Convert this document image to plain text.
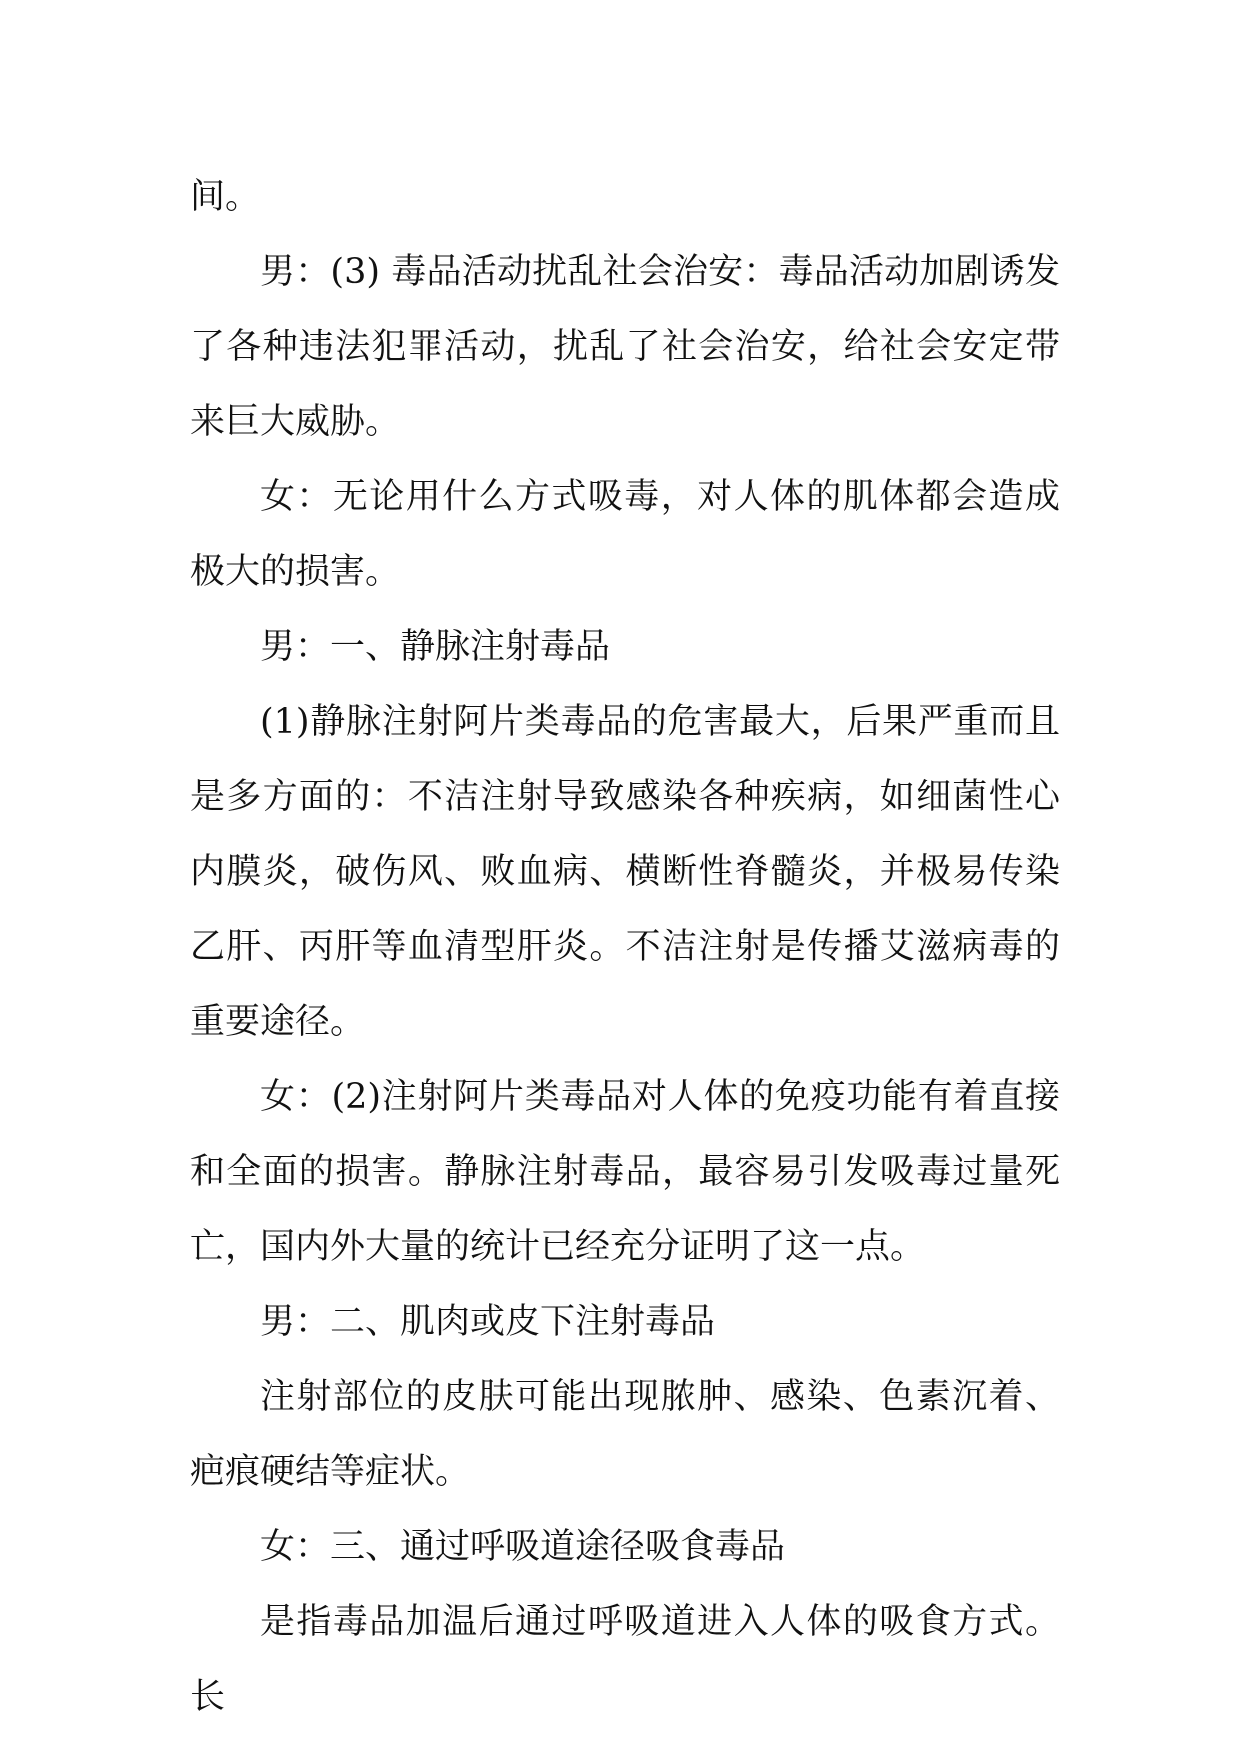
间。

男：(3) 毒品活动扰乱社会治安：毒品活动加剧诱发了各种违法犯罪活动，扰乱了社会治安，给社会安定带来巨大威胁。

女：无论用什么方式吸毒，对人体的肌体都会造成极大的损害。

男：一、静脉注射毒品

(1)静脉注射阿片类毒品的危害最大，后果严重而且是多方面的：不洁注射导致感染各种疾病，如细菌性心内膜炎，破伤风、败血病、横断性脊髓炎，并极易传染乙肝、丙肝等血清型肝炎。不洁注射是传播艾滋病毒的重要途径。

女：(2)注射阿片类毒品对人体的免疫功能有着直接和全面的损害。静脉注射毒品，最容易引发吸毒过量死亡，国内外大量的统计已经充分证明了这一点。

男：二、肌肉或皮下注射毒品

注射部位的皮肤可能出现脓肿、感染、色素沉着、疤痕硬结等症状。

女：三、通过呼吸道途径吸食毒品

是指毒品加温后通过呼吸道进入人体的吸食方式。长
